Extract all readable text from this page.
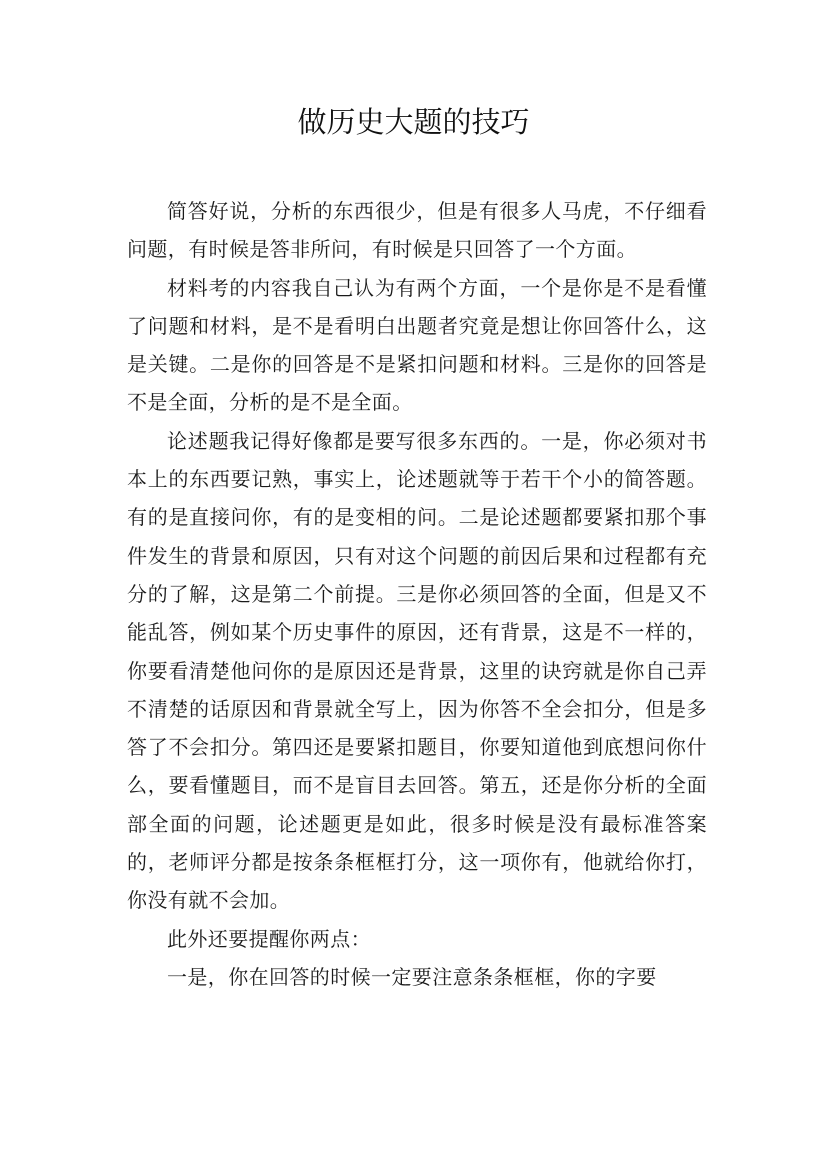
做历史大题的技巧

简答好说，分析的东西很少，但是有很多人马虎，不仔细看问题，有时候是答非所问，有时候是只回答了一个方面。

材料考的内容我自己认为有两个方面，一个是你是不是看懂了问题和材料，是不是看明白出题者究竟是想让你回答什么，这是关键。二是你的回答是不是紧扣问题和材料。三是你的回答是不是全面，分析的是不是全面。

论述题我记得好像都是要写很多东西的。一是，你必须对书本上的东西要记熟，事实上，论述题就等于若干个小的简答题。有的是直接问你，有的是变相的问。二是论述题都要紧扣那个事件发生的背景和原因，只有对这个问题的前因后果和过程都有充分的了解，这是第二个前提。三是你必须回答的全面，但是又不能乱答，例如某个历史事件的原因，还有背景，这是不一样的，你要看清楚他问你的是原因还是背景，这里的诀窍就是你自己弄不清楚的话原因和背景就全写上，因为你答不全会扣分，但是多答了不会扣分。第四还是要紧扣题目，你要知道他到底想问你什么，要看懂题目，而不是盲目去回答。第五，还是你分析的全面部全面的问题，论述题更是如此，很多时候是没有最标准答案的，老师评分都是按条条框框打分，这一项你有，他就给你打，你没有就不会加。

此外还要提醒你两点：

一是，你在回答的时候一定要注意条条框框，你的字要
